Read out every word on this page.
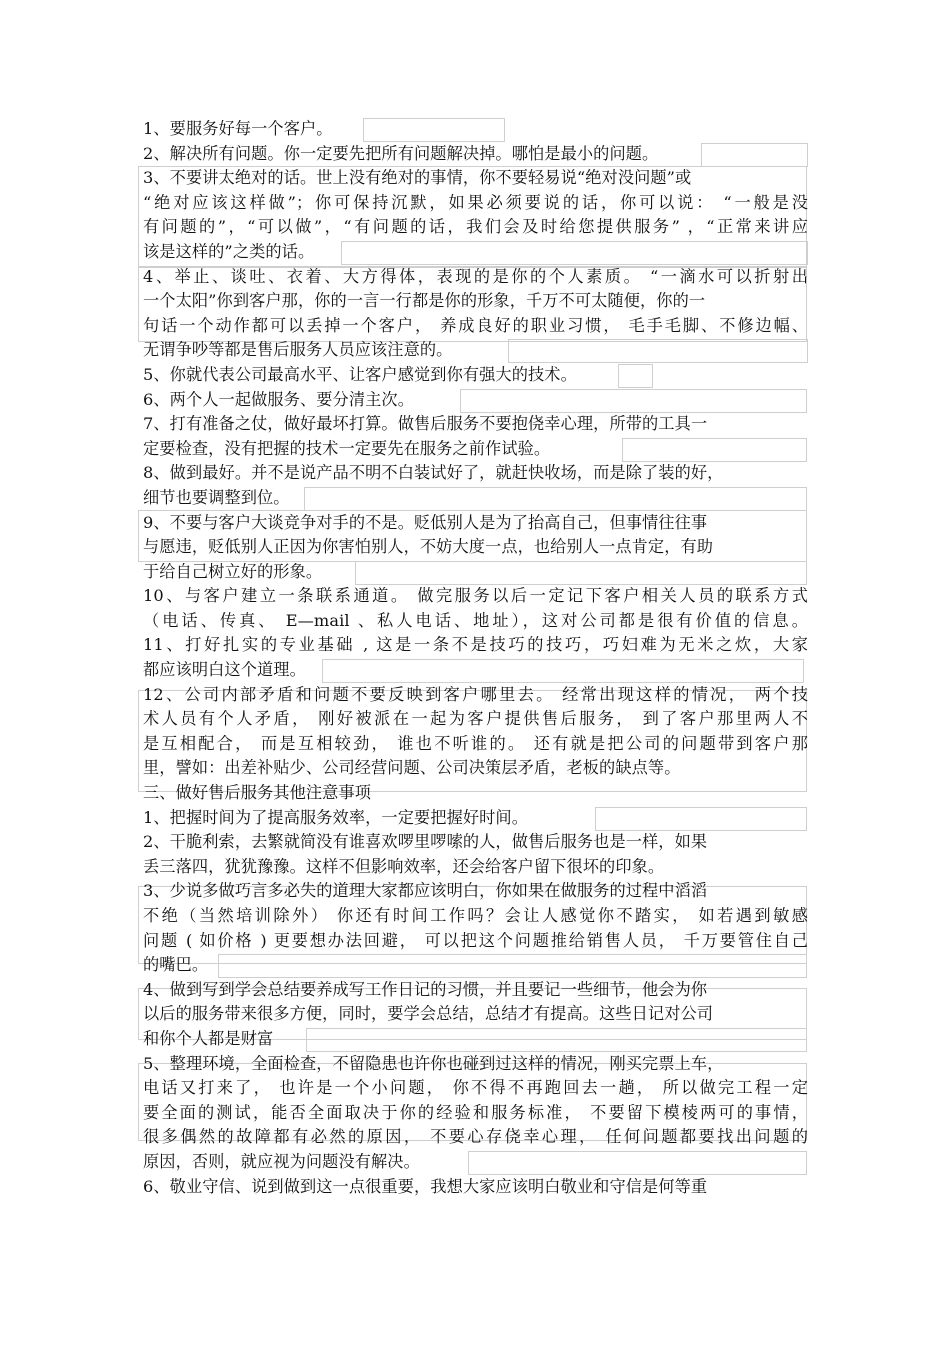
1、要服务好每一个客户。
2、解决所有问题。你一定要先把所有问题解决掉。哪怕是最小的问题。
3、不要讲太绝对的话。世上没有绝对的事情，你不要轻易说“绝对没问题”或
“绝对应该这样做”；你可保持沉默，如果必须要说的话，你可以说： “一般是没
有问题的”，“可以做”，“有问题的话，我们会及时给您提供服务” ，“正常来讲应
该是这样的”之类的话。
4、举止、谈吐、衣着、大方得体，表现的是你的个人素质。 “一滴水可以折射出
一个太阳”你到客户那，你的一言一行都是你的形象，千万不可太随便，你的一
句话一个动作都可以丢掉一个客户， 养成良好的职业习惯， 毛手毛脚、不修边幅、
无谓争吵等都是售后服务人员应该注意的。
5、你就代表公司最高水平、让客户感觉到你有强大的技术。
6、两个人一起做服务、要分清主次。
7、打有准备之仗，做好最坏打算。做售后服务不要抱侥幸心理，所带的工具一
定要检查，没有把握的技术一定要先在服务之前作试验。
8、做到最好。并不是说产品不明不白装试好了，就赶快收场，而是除了装的好，
细节也要调整到位。
9、不要与客户大谈竞争对手的不是。贬低别人是为了抬高自己，但事情往往事
与愿违，贬低别人正因为你害怕别人，不妨大度一点，也给别人一点肯定，有助
于给自己树立好的形象。
10、与客户建立一条联系通道。 做完服务以后一定记下客户相关人员的联系方式
（电话、传真、 E—mail 、私人电话、地址），这对公司都是很有价值的信息。
11、打好扎实的专业基础 , 这是一条不是技巧的技巧，巧妇难为无米之炊，大家
都应该明白这个道理。
12、公司内部矛盾和问题不要反映到客户哪里去。 经常出现这样的情况， 两个技
术人员有个人矛盾， 刚好被派在一起为客户提供售后服务， 到了客户那里两人不
是互相配合， 而是互相较劲， 谁也不听谁的。 还有就是把公司的问题带到客户那
里，譬如：出差补贴少、公司经营问题、公司决策层矛盾，老板的缺点等。
三、做好售后服务其他注意事项
1、把握时间为了提高服务效率，一定要把握好时间。
2、干脆利索，去繁就简没有谁喜欢啰里啰嗦的人，做售后服务也是一样，如果
丢三落四，犹犹豫豫。这样不但影响效率，还会给客户留下很坏的印象。
3、少说多做巧言多必失的道理大家都应该明白，你如果在做服务的过程中滔滔
不绝（当然培训除外） 你还有时间工作吗？会让人感觉你不踏实， 如若遇到敏感
问题 ( 如价格 ) 更要想办法回避， 可以把这个问题推给销售人员， 千万要管住自己
的嘴巴。
4、做到写到学会总结要养成写工作日记的习惯，并且要记一些细节，他会为你
以后的服务带来很多方便，同时，要学会总结，总结才有提高。这些日记对公司
和你个人都是财富
5、整理环境，全面检查，不留隐患也许你也碰到过这样的情况，刚买完票上车，
电话又打来了， 也许是一个小问题， 你不得不再跑回去一趟， 所以做完工程一定
要全面的测试，能否全面取决于你的经验和服务标准， 不要留下模棱两可的事情，
很多偶然的故障都有必然的原因， 不要心存侥幸心理， 任何问题都要找出问题的
原因，否则，就应视为问题没有解决。
6、敬业守信、说到做到这一点很重要，我想大家应该明白敬业和守信是何等重
